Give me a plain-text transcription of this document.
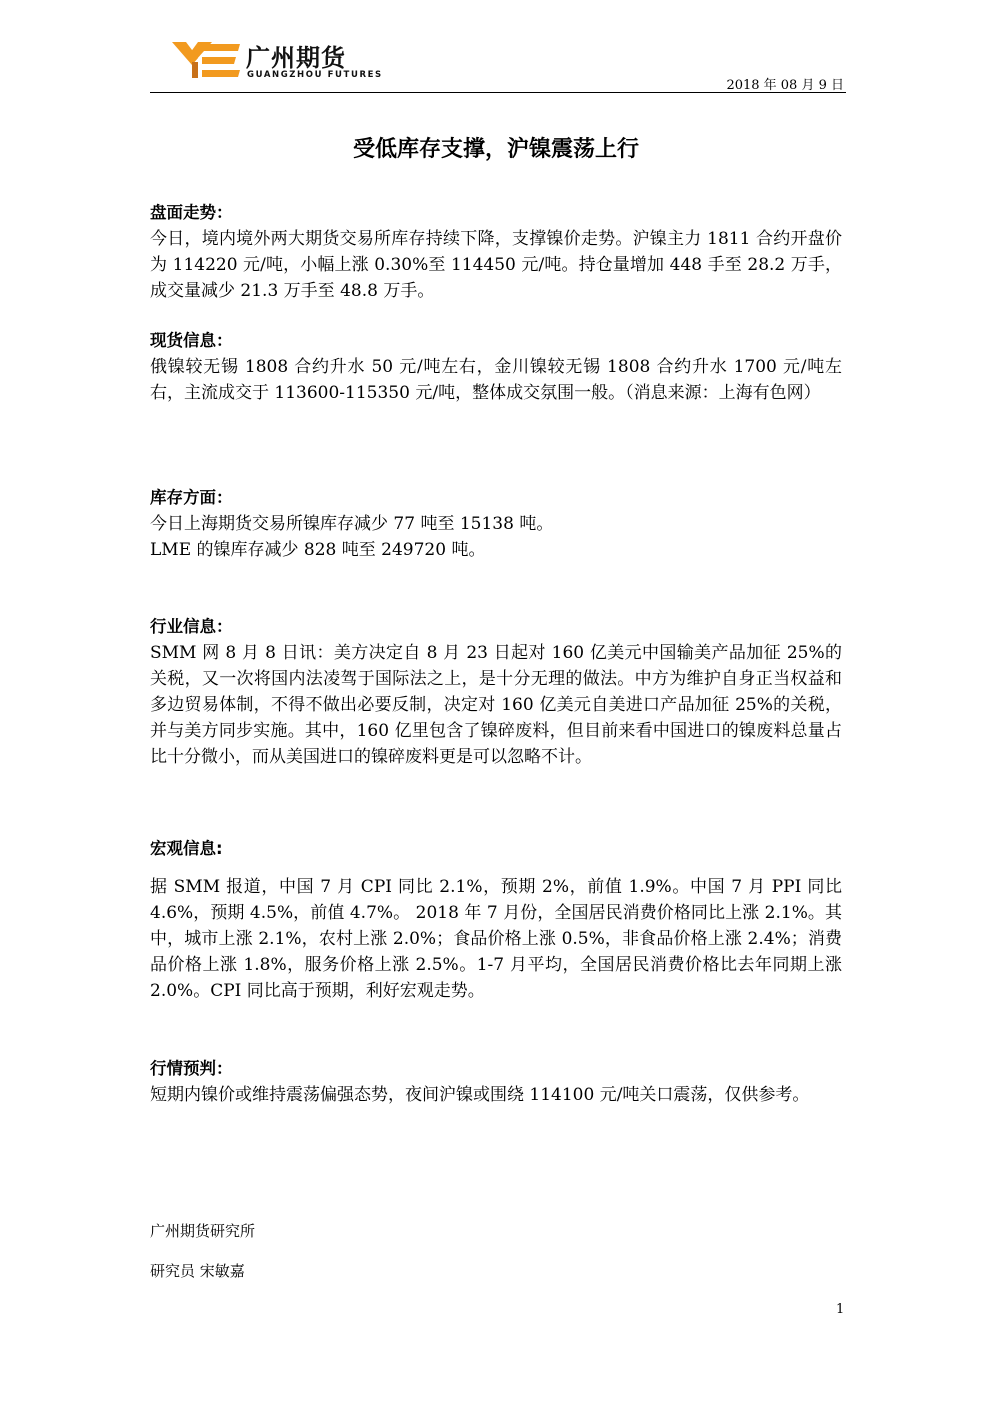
广州期货
GUANGZHOU FUTURES
2018 年 08 月 9 日
受低库存支撑，沪镍震荡上行
盘面走势：
今日，境内境外两大期货交易所库存持续下降，支撑镍价走势。沪镍主力 1811 合约开盘价为 114220 元/吨，小幅上涨 0.30%至 114450 元/吨。持仓量增加 448 手至 28.2 万手，成交量减少 21.3 万手至 48.8 万手。
现货信息：
俄镍较无锡 1808 合约升水 50 元/吨左右，金川镍较无锡 1808 合约升水 1700 元/吨左右，主流成交于 113600-115350 元/吨，整体成交氛围一般。（消息来源：上海有色网）
库存方面：
今日上海期货交易所镍库存减少 77 吨至 15138 吨。
LME 的镍库存减少 828 吨至 249720 吨。
行业信息：
SMM 网 8 月 8 日讯：美方决定自 8 月 23 日起对 160 亿美元中国输美产品加征 25%的关税，又一次将国内法凌驾于国际法之上，是十分无理的做法。中方为维护自身正当权益和多边贸易体制，不得不做出必要反制，决定对 160 亿美元自美进口产品加征 25%的关税，并与美方同步实施。其中，160 亿里包含了镍碎废料，但目前来看中国进口的镍废料总量占比十分微小，而从美国进口的镍碎废料更是可以忽略不计。
宏观信息:
据 SMM 报道，中国 7 月 CPI 同比 2.1%，预期 2%，前值 1.9%。中国 7 月 PPI 同比 4.6%，预期 4.5%，前值 4.7%。 2018 年 7 月份，全国居民消费价格同比上涨 2.1%。其中，城市上涨 2.1%，农村上涨 2.0%；食品价格上涨 0.5%，非食品价格上涨 2.4%；消费品价格上涨 1.8%，服务价格上涨 2.5%。1-7 月平均，全国居民消费价格比去年同期上涨 2.0%。CPI 同比高于预期，利好宏观走势。
行情预判：
短期内镍价或维持震荡偏强态势，夜间沪镍或围绕 114100 元/吨关口震荡，仅供参考。
广州期货研究所
研究员 宋敏嘉
1
